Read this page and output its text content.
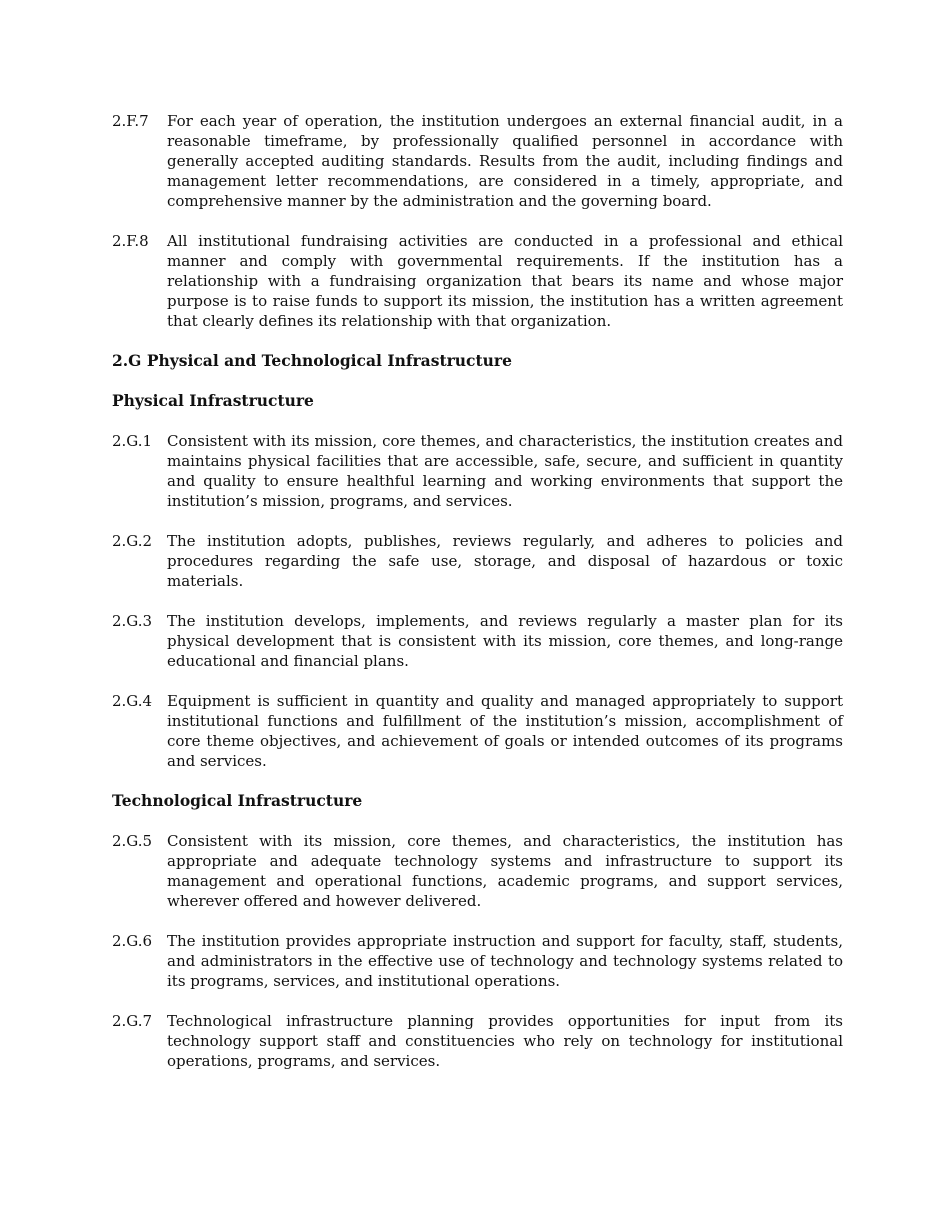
2.F.7	For each year of operation, the institution undergoes an external financial audit, in a reasonable timeframe, by professionally qualified personnel in accordance with generally accepted auditing standards. Results from the audit, including findings and management letter recommendations, are considered in a timely, appropriate, and comprehensive manner by the administration and the governing board.
2.F.8	All institutional fundraising activities are conducted in a professional and ethical manner and comply with governmental requirements. If the institution has a relationship with a fundraising organization that bears its name and whose major purpose is to raise funds to support its mission, the institution has a written agreement that clearly defines its relationship with that organization.
2.G Physical and Technological Infrastructure
Physical Infrastructure
2.G.1 Consistent with its mission, core themes, and characteristics, the institution creates and maintains physical facilities that are accessible, safe, secure, and sufficient in quantity and quality to ensure healthful learning and working environments that support the institution’s mission, programs, and services.
2.G.2 The institution adopts, publishes, reviews regularly, and adheres to policies and procedures regarding the safe use, storage, and disposal of hazardous or toxic materials.
2.G.3 The institution develops, implements, and reviews regularly a master plan for its physical development that is consistent with its mission, core themes, and long-range educational and financial plans.
2.G.4 Equipment is sufficient in quantity and quality and managed appropriately to support institutional functions and fulfillment of the institution’s mission, accomplishment of core theme objectives, and achievement of goals or intended outcomes of its programs and services.
Technological Infrastructure
2.G.5 Consistent with its mission, core themes, and characteristics, the institution has appropriate and adequate technology systems and infrastructure to support its management and operational functions, academic programs, and support services, wherever offered and however delivered.
2.G.6 The institution provides appropriate instruction and support for faculty, staff, students, and administrators in the effective use of technology and technology systems related to its programs, services, and institutional operations.
2.G.7 Technological infrastructure planning provides opportunities for input from its technology support staff and constituencies who rely on technology for institutional operations, programs, and services.
